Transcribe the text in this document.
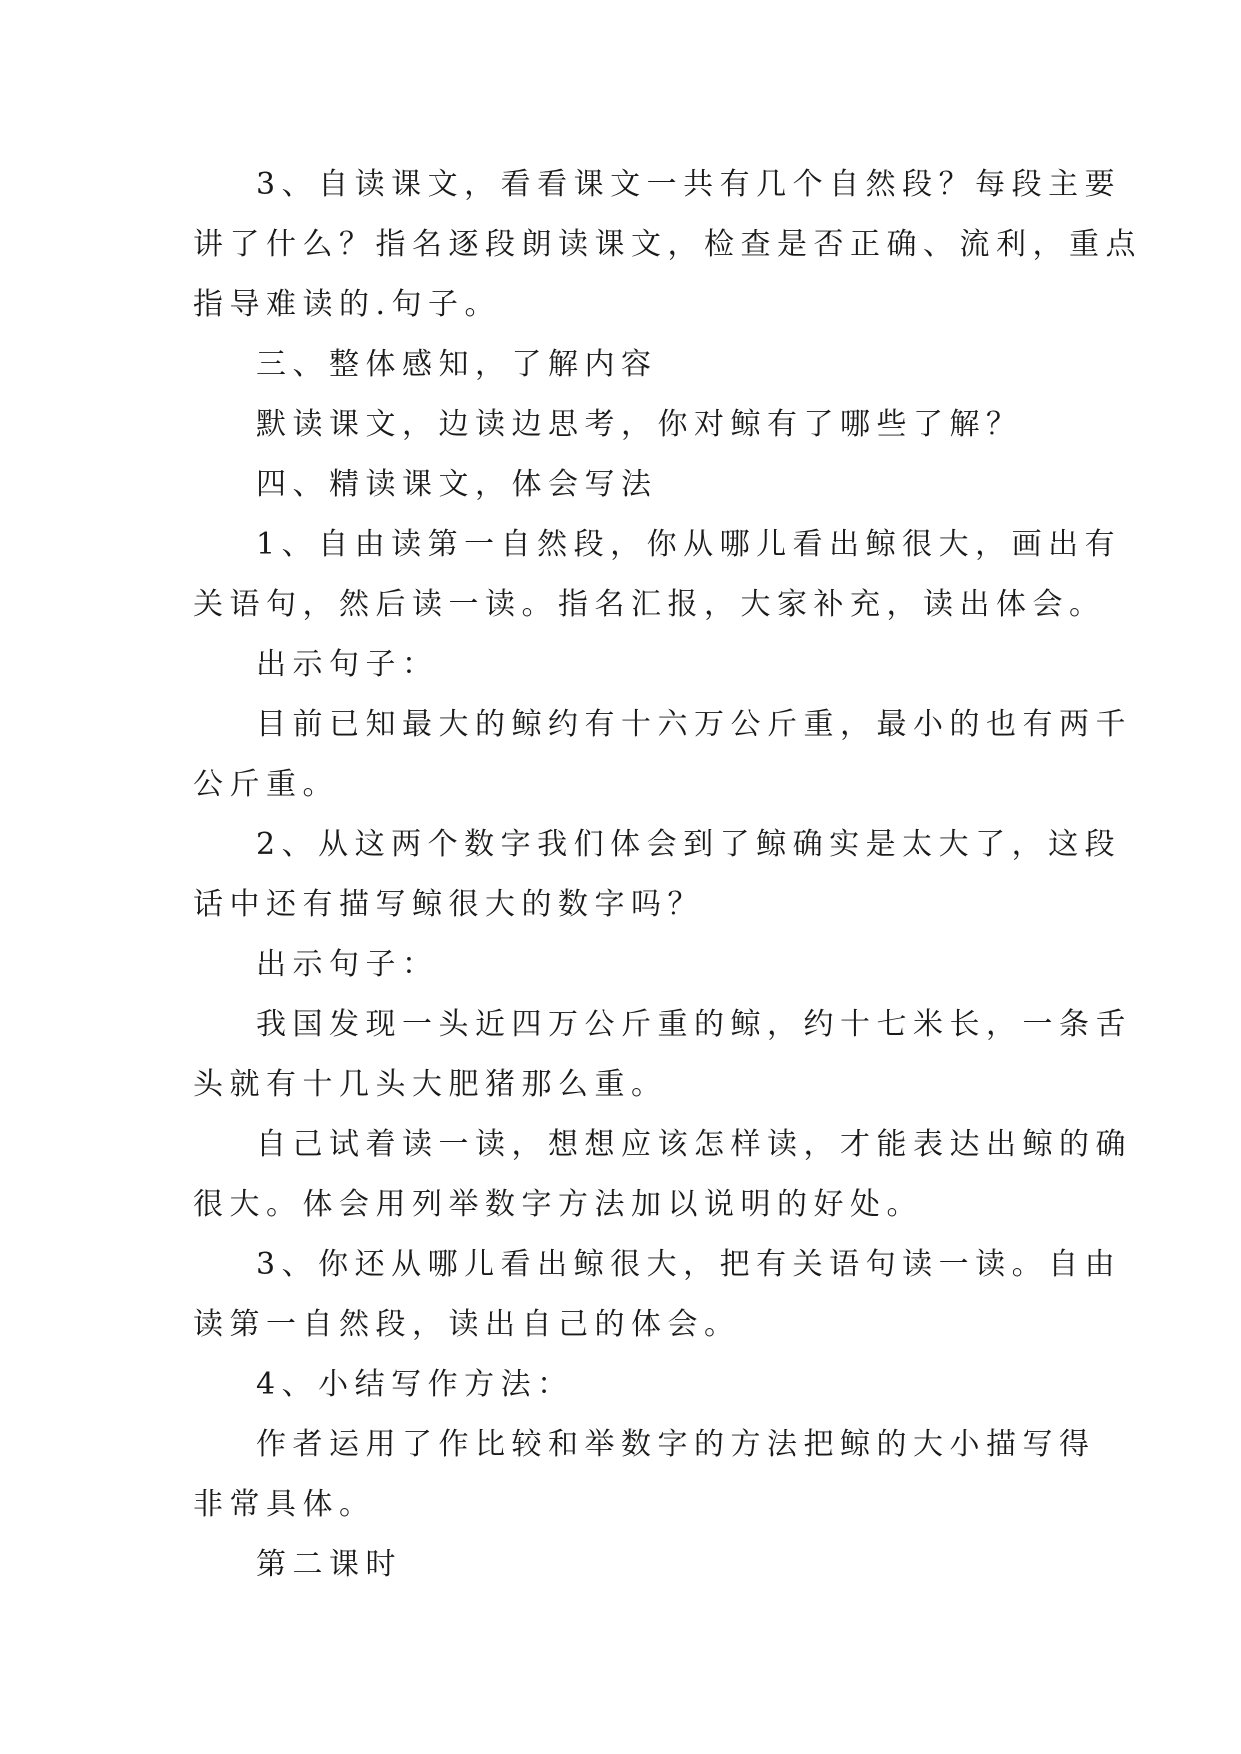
3、自读课文，看看课文一共有几个自然段？每段主要
讲了什么？指名逐段朗读课文，检查是否正确、流利，重点
指导难读的.句子。
三、整体感知，了解内容
默读课文，边读边思考，你对鲸有了哪些了解？
四、精读课文，体会写法
1、自由读第一自然段，你从哪儿看出鲸很大，画出有
关语句，然后读一读。指名汇报，大家补充，读出体会。
出示句子：
目前已知最大的鲸约有十六万公斤重，最小的也有两千
公斤重。
2、从这两个数字我们体会到了鲸确实是太大了，这段
话中还有描写鲸很大的数字吗？
出示句子：
我国发现一头近四万公斤重的鲸，约十七米长，一条舌
头就有十几头大肥猪那么重。
自己试着读一读，想想应该怎样读，才能表达出鲸的确
很大。体会用列举数字方法加以说明的好处。
3、你还从哪儿看出鲸很大，把有关语句读一读。自由
读第一自然段，读出自己的体会。
4、小结写作方法：
作者运用了作比较和举数字的方法把鲸的大小描写得
非常具体。
第二课时
